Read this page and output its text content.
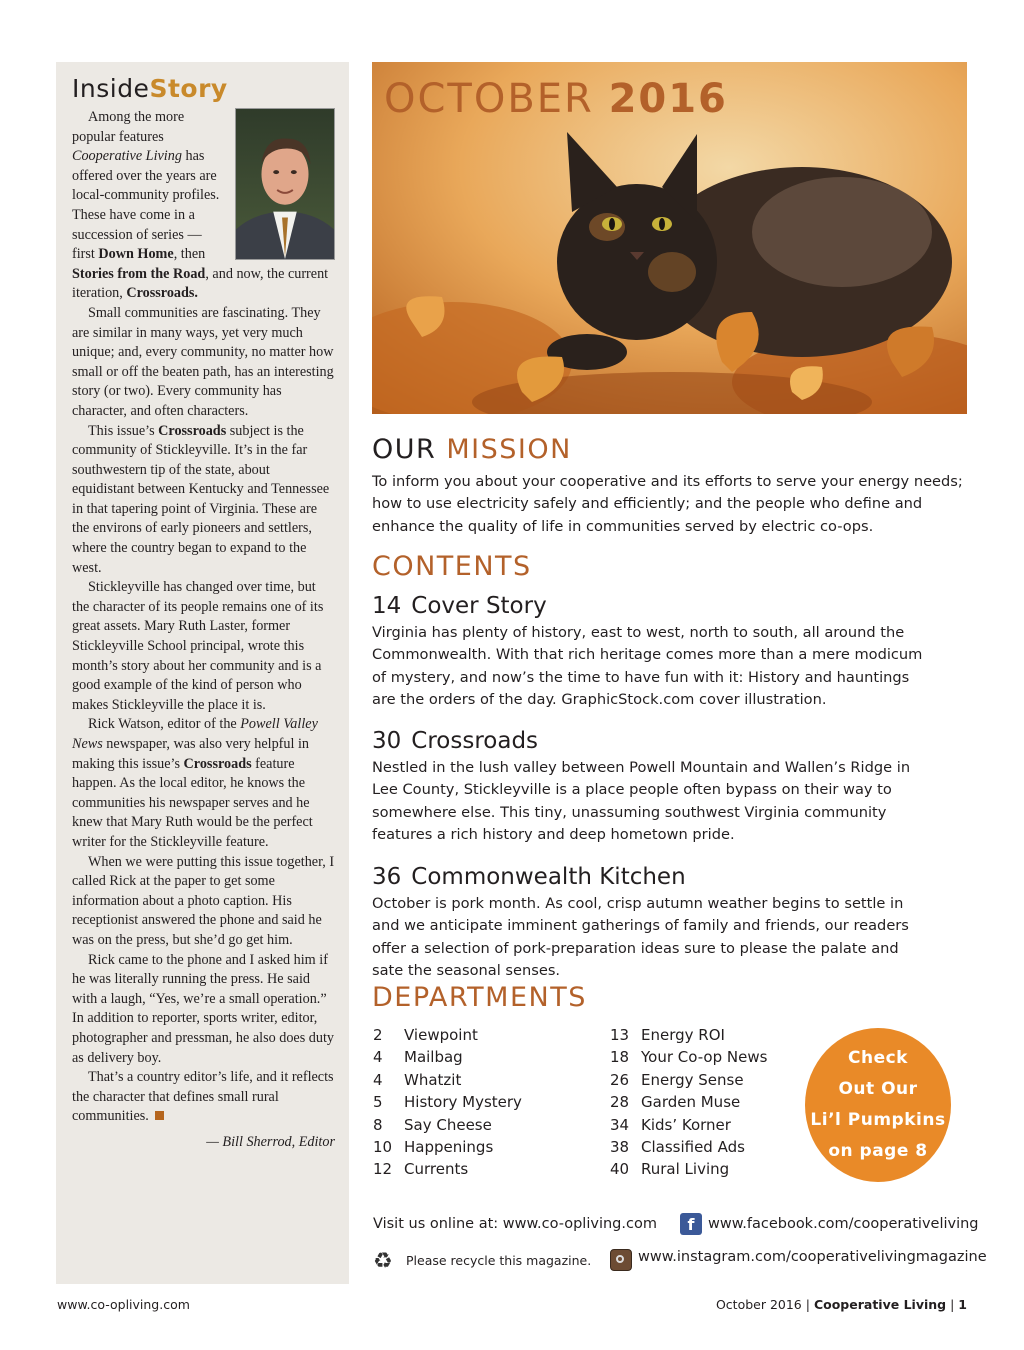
InsideStory

Among the more popular features Cooperative Living has offered over the years are local-community profiles. These have come in a succession of series — first Down Home, then Stories from the Road, and now, the current iteration, Crossroads.

Small communities are fascinating. They are similar in many ways, yet very much unique; and, every community, no matter how small or off the beaten path, has an interesting story (or two). Every community has character, and often characters.

This issue’s Crossroads subject is the community of Stickleyville. It’s in the far southwestern tip of the state, about equidistant between Kentucky and Tennessee in that tapering point of Virginia. These are the environs of early pioneers and settlers, where the country began to expand to the west.

Stickleyville has changed over time, but the character of its people remains one of its great assets. Mary Ruth Laster, former Stickleyville School principal, wrote this month’s story about her community and is a good example of the kind of person who makes Stickleyville the place it is.

Rick Watson, editor of the Powell Valley News newspaper, was also very helpful in making this issue’s Crossroads feature happen. As the local editor, he knows the communities his newspaper serves and he knew that Mary Ruth would be the perfect writer for the Stickleyville feature.

When we were putting this issue together, I called Rick at the paper to get some information about a photo caption. His receptionist answered the phone and said he was on the press, but she’d go get him.

Rick came to the phone and I asked him if he was literally running the press. He said with a laugh, “Yes, we’re a small operation.” In addition to reporter, sports writer, editor, photographer and pressman, he also does duty as delivery boy.

That’s a country editor’s life, and it reflects the character that defines small rural communities.

— Bill Sherrod, Editor
OCTOBER 2016
OUR MISSION
To inform you about your cooperative and its efforts to serve your energy needs; how to use electricity safely and efficiently; and the people who define and enhance the quality of life in communities served by electric co-ops.
CONTENTS
14 Cover Story
Virginia has plenty of history, east to west, north to south, all around the Commonwealth. With that rich heritage comes more than a mere modicum of mystery, and now’s the time to have fun with it: History and hauntings are the orders of the day. GraphicStock.com cover illustration.
30 Crossroads
Nestled in the lush valley between Powell Mountain and Wallen’s Ridge in Lee County, Stickleyville is a place people often bypass on their way to somewhere else. This tiny, unassuming southwest Virginia community features a rich history and deep hometown pride.
36 Commonwealth Kitchen
October is pork month. As cool, crisp autumn weather begins to settle in and we anticipate imminent gatherings of family and friends, our readers offer a selection of pork-preparation ideas sure to please the palate and sate the seasonal senses.
DEPARTMENTS
2	Viewpoint
4	Mailbag
4	Whatzit
5	History Mystery
8	Say Cheese
10 Happenings
12 Currents
13 Energy ROI
18 Your Co-op News
26 Energy Sense
28 Garden Muse
34 Kids’ Korner
38 Classified Ads
40 Rural Living
Check
Out Our
Li’l Pumpkins
on page 8
Visit us online at: www.co-opliving.com	f www.facebook.com/cooperativeliving
♻ Please recycle this magazine.	www.instagram.com/cooperativelivingmagazine
www.co-opliving.com	October 2016 | Cooperative Living | 1
